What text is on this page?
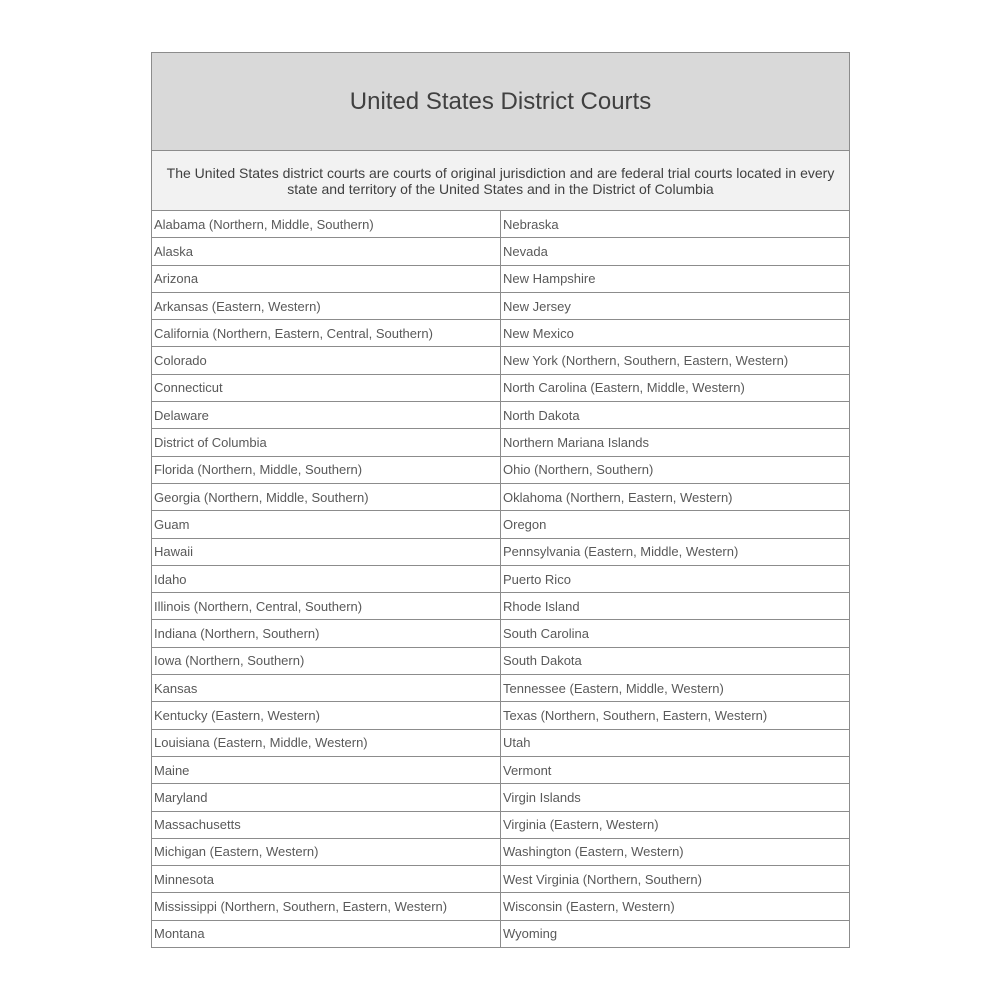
United States District Courts

The United States district courts are courts of original jurisdiction and are federal trial courts located in every state and territory of the United States and in the District of Columbia

Alabama (Northern, Middle, Southern)	Nebraska
Alaska	Nevada
Arizona	New Hampshire
Arkansas (Eastern, Western)	New Jersey
California (Northern, Eastern, Central, Southern)	New Mexico
Colorado	New York (Northern, Southern, Eastern, Western)
Connecticut	North Carolina (Eastern, Middle, Western)
Delaware	North Dakota
District of Columbia	Northern Mariana Islands
Florida (Northern, Middle, Southern)	Ohio (Northern, Southern)
Georgia (Northern, Middle, Southern)	Oklahoma (Northern, Eastern, Western)
Guam	Oregon
Hawaii	Pennsylvania (Eastern, Middle, Western)
Idaho	Puerto Rico
Illinois (Northern, Central, Southern)	Rhode Island
Indiana (Northern, Southern)	South Carolina
Iowa (Northern, Southern)	South Dakota
Kansas	Tennessee (Eastern, Middle, Western)
Kentucky (Eastern, Western)	Texas (Northern, Southern, Eastern, Western)
Louisiana (Eastern, Middle, Western)	Utah
Maine	Vermont
Maryland	Virgin Islands
Massachusetts	Virginia (Eastern, Western)
Michigan (Eastern, Western)	Washington (Eastern, Western)
Minnesota	West Virginia (Northern, Southern)
Mississippi (Northern, Southern, Eastern, Western)	Wisconsin (Eastern, Western)
Montana	Wyoming
